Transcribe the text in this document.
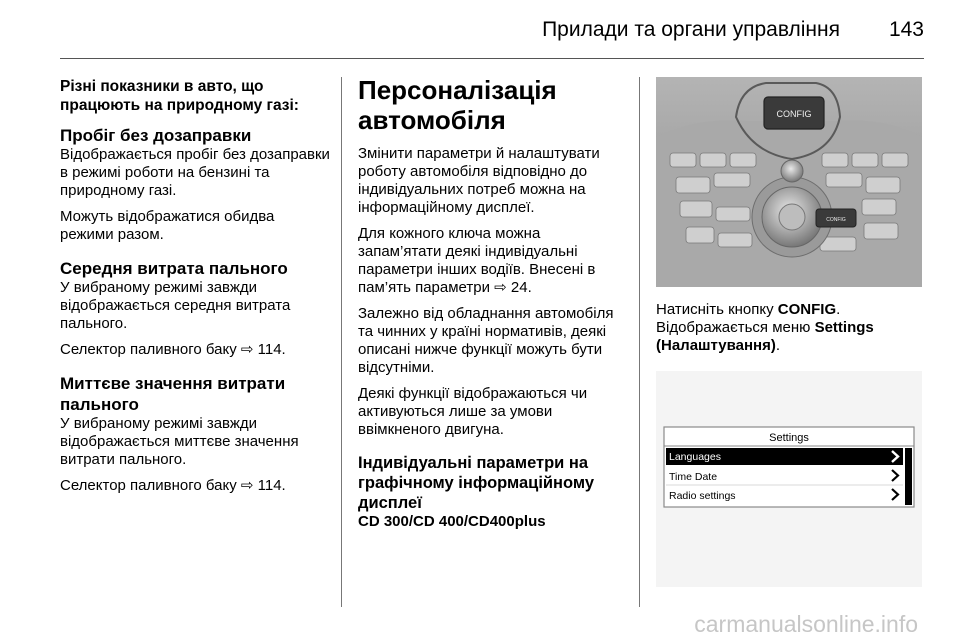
Прилади та органи управління 143

Різні показники в авто, що працюють на природному газі:

Пробіг без дозаправки

Відображається пробіг без дозаправки в режимі роботи на бензині та природному газі.

Можуть відображатися обидва режими разом.

Середня витрата пального

У вибраному режимі завжди відображається середня витрата пального.

Селектор паливного баку ⇨ 114.

Миттєве значення витрати пального

У вибраному режимі завжди відображається миттєве значення витрати пального.

Селектор паливного баку ⇨ 114.

Персоналізація автомобіля

Змінити параметри й налаштувати роботу автомобіля відповідно до індивідуальних потреб можна на інформаційному дисплеї.

Для кожного ключа можна запам’ятати деякі індивідуальні параметри інших водіїв. Внесені в пам’ять параметри ⇨ 24.

Залежно від обладнання автомобіля та чинних у країні нормативів, деякі описані нижче функції можуть бути відсутніми.

Деякі функції відображаються чи активуються лише за умови ввімкненого двигуна.

Індивідуальні параметри на графічному інформаційному дисплеї
CD 300/CD 400/CD400plus
CONFIG
CONFIG

Натисніть кнопку CONFIG.
Відображається меню Settings (Налаштування).

Settings
Languages
Time Date
Radio settings
carmanualsonline.info
